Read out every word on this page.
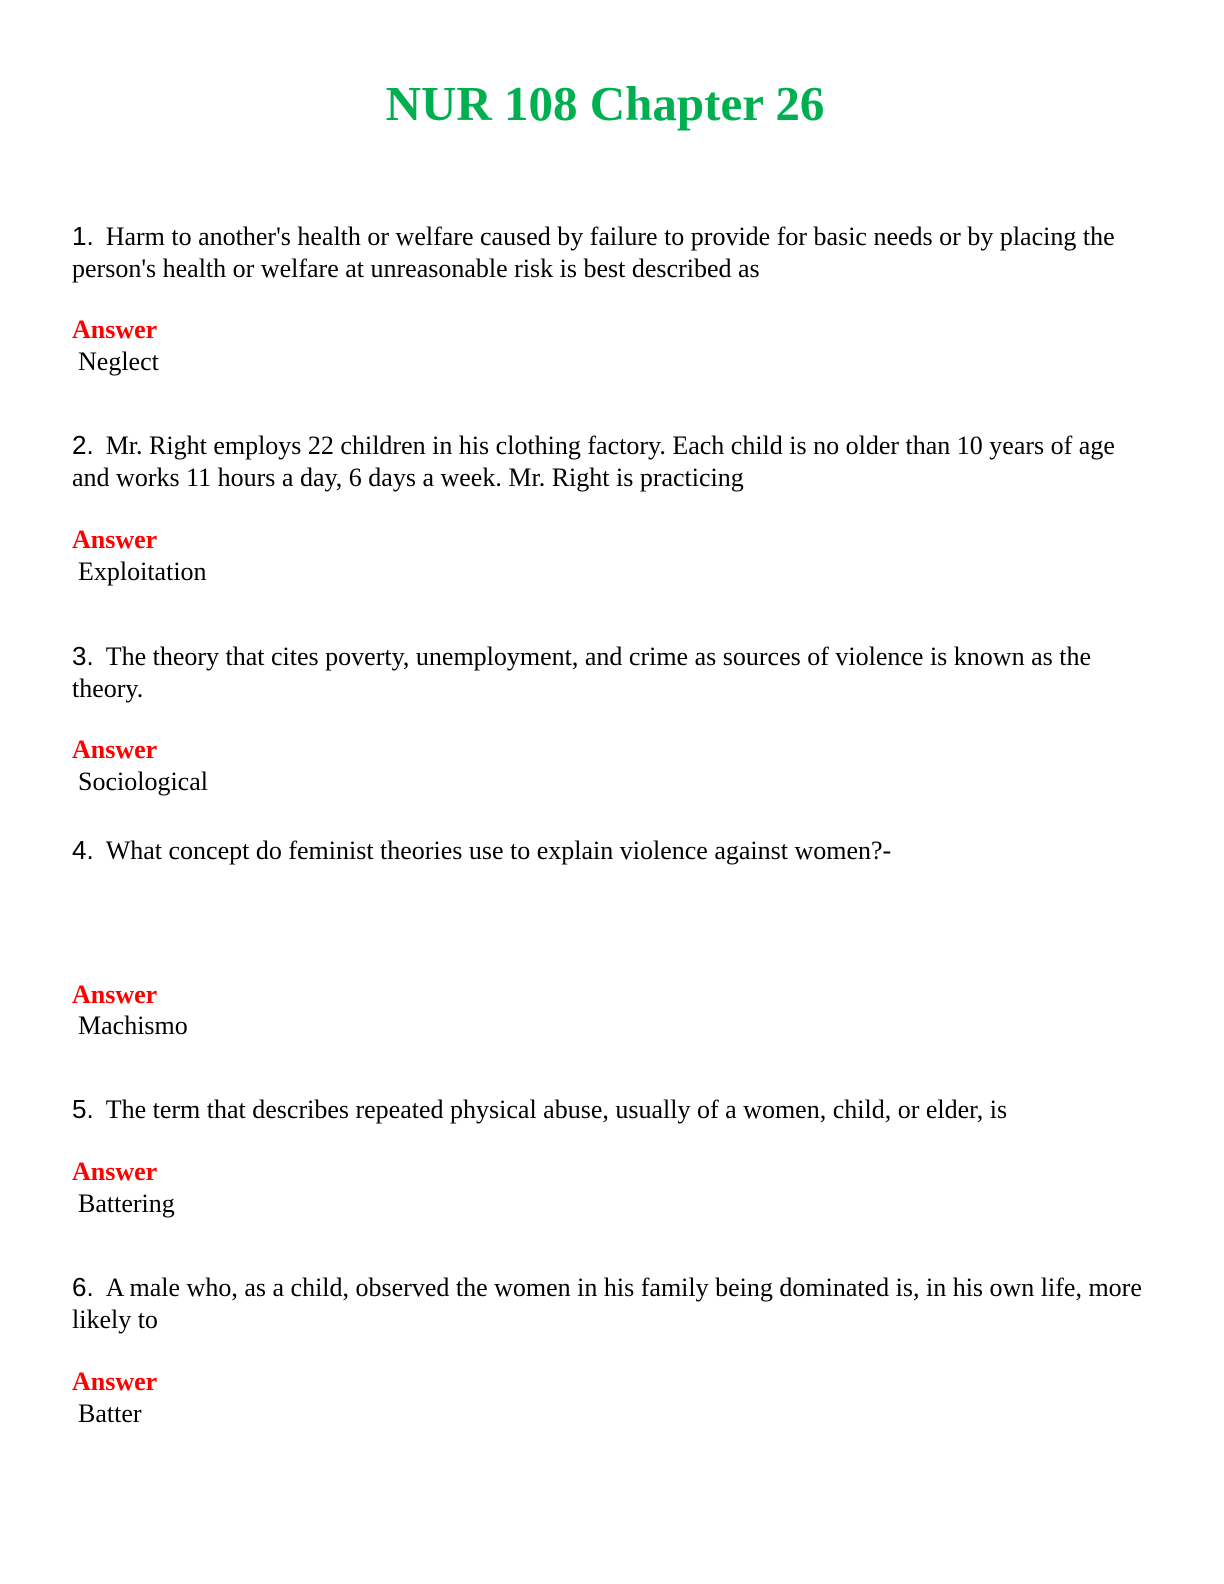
NUR 108 Chapter 26

1. Harm to another's health or welfare caused by failure to provide for basic needs or by placing the person's health or welfare at unreasonable risk is best described as

Answer

Neglect

2. Mr. Right employs 22 children in his clothing factory. Each child is no older than 10 years of age and works 11 hours a day, 6 days a week. Mr. Right is practicing

Answer

Exploitation

3. The theory that cites poverty, unemployment, and crime as sources of violence is known as the theory.

Answer

Sociological

4. What concept do feminist theories use to explain violence against women?-

Answer

Machismo

5. The term that describes repeated physical abuse, usually of a women, child, or elder, is

Answer

Battering

6. A male who, as a child, observed the women in his family being dominated is, in his own life, more likely to

Answer

Batter
